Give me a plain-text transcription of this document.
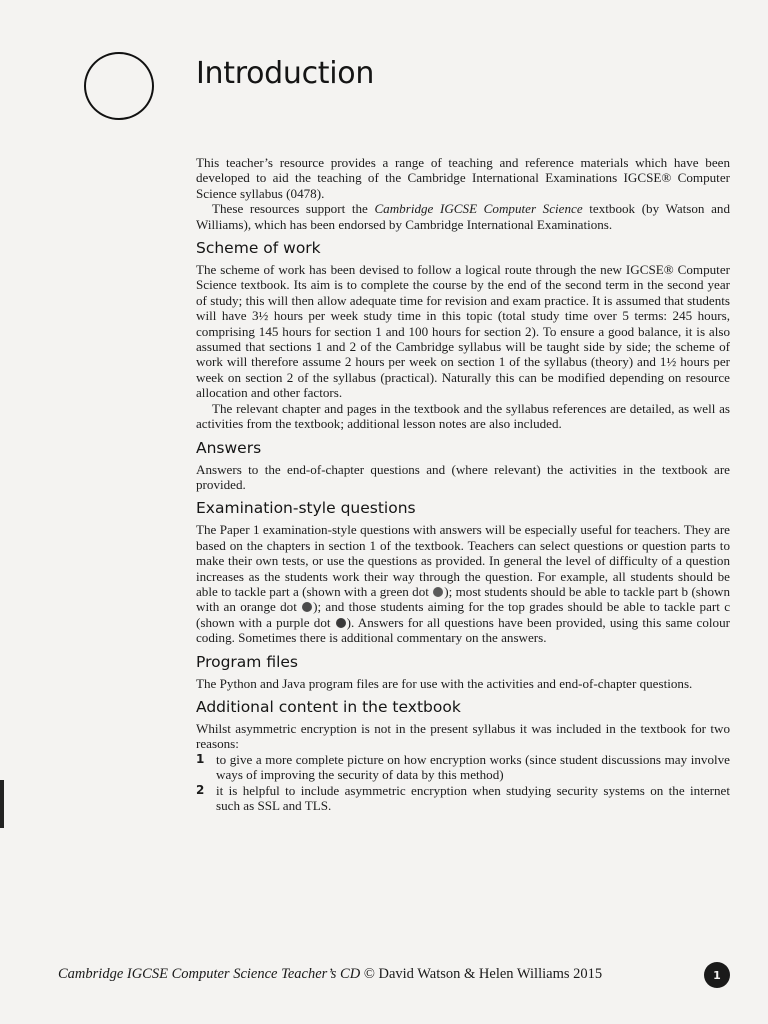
Introduction

This teacher’s resource provides a range of teaching and reference materials which have been developed to aid the teaching of the Cambridge International Examinations IGCSE® Computer Science syllabus (0478).

These resources support the Cambridge IGCSE Computer Science textbook (by Watson and Williams), which has been endorsed by Cambridge International Examinations.

Scheme of work

The scheme of work has been devised to follow a logical route through the new IGCSE® Computer Science textbook. Its aim is to complete the course by the end of the second term in the second year of study; this will then allow adequate time for revision and exam practice. It is assumed that students will have 3½ hours per week study time in this topic (total study time over 5 terms: 245 hours, comprising 145 hours for section 1 and 100 hours for section 2). To ensure a good balance, it is also assumed that sections 1 and 2 of the Cambridge syllabus will be taught side by side; the scheme of work will therefore assume 2 hours per week on section 1 of the syllabus (theory) and 1½ hours per week on section 2 of the syllabus (practical). Naturally this can be modified depending on resource allocation and other factors.

The relevant chapter and pages in the textbook and the syllabus references are detailed, as well as activities from the textbook; additional lesson notes are also included.

Answers

Answers to the end-of-chapter questions and (where relevant) the activities in the textbook are provided.

Examination-style questions

The Paper 1 examination-style questions with answers will be especially useful for teachers. They are based on the chapters in section 1 of the textbook. Teachers can select questions or question parts to make their own tests, or use the questions as provided. In general the level of difficulty of a question increases as the students work their way through the question. For example, all students should be able to tackle part a (shown with a green dot ); most students should be able to tackle part b (shown with an orange dot ); and those students aiming for the top grades should be able to tackle part c (shown with a purple dot ). Answers for all questions have been provided, using this same colour coding. Sometimes there is additional commentary on the answers.

Program files

The Python and Java program files are for use with the activities and end-of-chapter questions.

Additional content in the textbook

Whilst asymmetric encryption is not in the present syllabus it was included in the textbook for two reasons:

1 to give a more complete picture on how encryption works (since student discussions may involve ways of improving the security of data by this method)
2 it is helpful to include asymmetric encryption when studying security systems on the internet such as SSL and TLS.

Cambridge IGCSE Computer Science Teacher’s CD © David Watson & Helen Williams 2015	1
